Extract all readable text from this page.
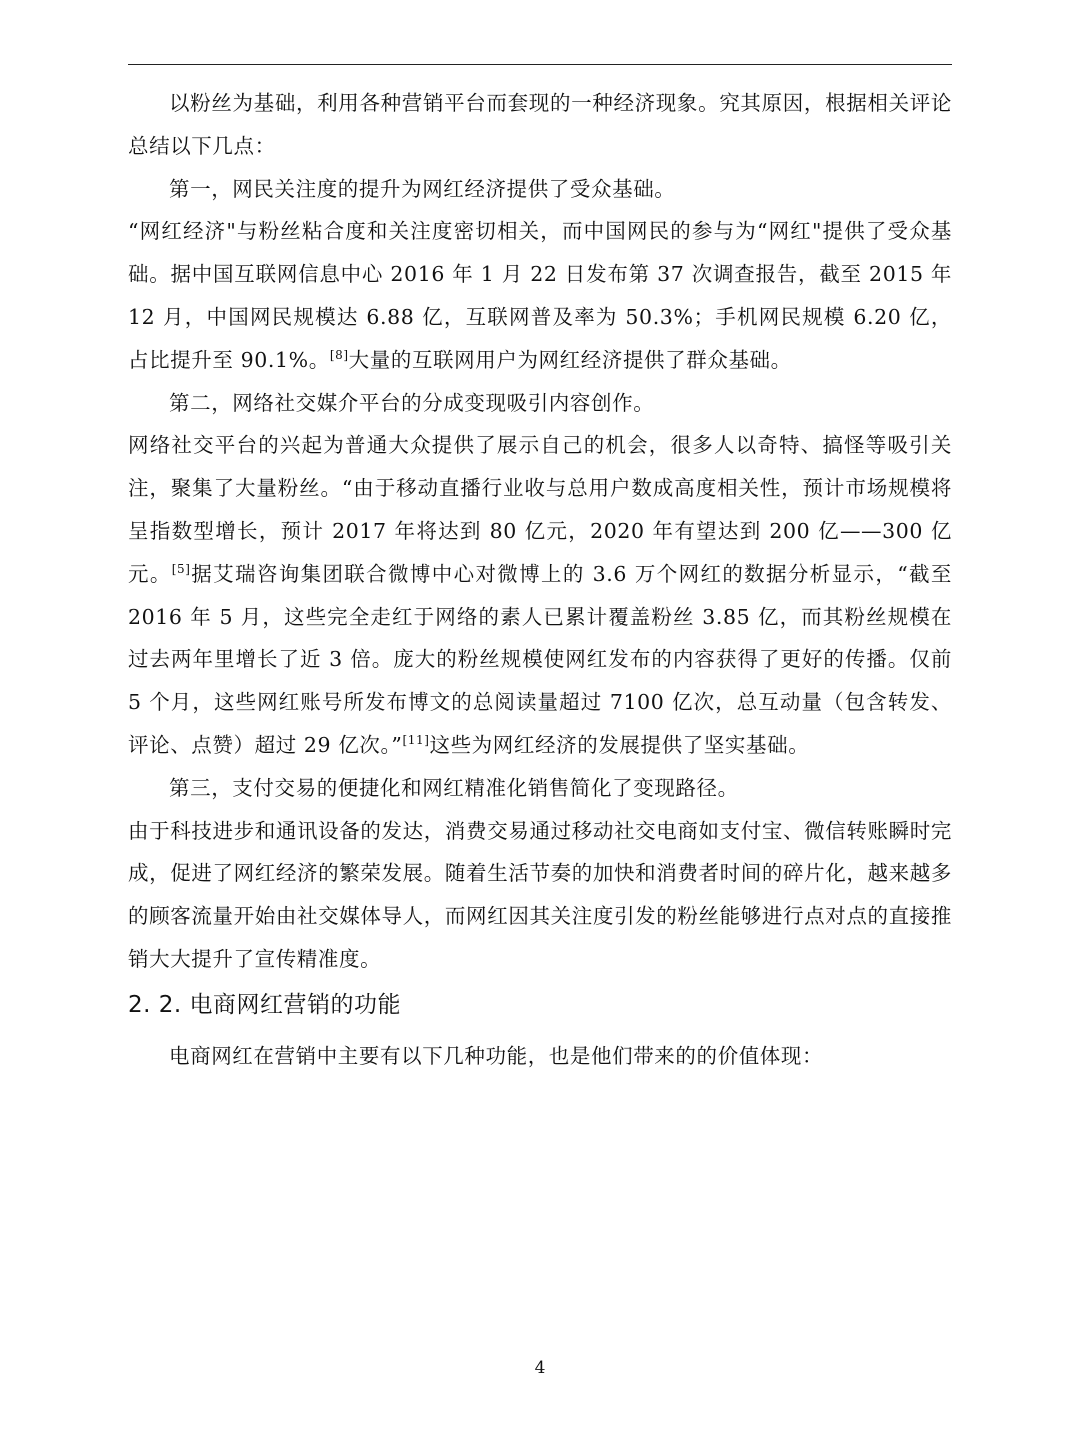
以粉丝为基础，利用各种营销平台而套现的一种经济现象。究其原因，根据相关评论总结以下几点：

第一，网民关注度的提升为网红经济提供了受众基础。

“网红经济"与粉丝粘合度和关注度密切相关，而中国网民的参与为“网红"提供了受众基础。据中国互联网信息中心 2016 年 1 月 22 日发布第 37 次调查报告，截至 2015 年 12 月，中国网民规模达 6.88 亿，互联网普及率为 50.3%；手机网民规模 6.20 亿，占比提升至 90.1%。[8]大量的互联网用户为网红经济提供了群众基础。

第二，网络社交媒介平台的分成变现吸引内容创作。

网络社交平台的兴起为普通大众提供了展示自己的机会，很多人以奇特、搞怪等吸引关注，聚集了大量粉丝。“由于移动直播行业收与总用户数成高度相关性，预计市场规模将呈指数型增长，预计 2017 年将达到 80 亿元，2020 年有望达到 200 亿——300 亿元。[5]据艾瑞咨询集团联合微博中心对微博上的 3.6 万个网红的数据分析显示，“截至 2016 年 5 月，这些完全走红于网络的素人已累计覆盖粉丝 3.85 亿，而其粉丝规模在过去两年里增长了近 3 倍。庞大的粉丝规模使网红发布的内容获得了更好的传播。仅前 5 个月，这些网红账号所发布博文的总阅读量超过 7100 亿次，总互动量（包含转发、评论、点赞）超过 29 亿次。”[11]这些为网红经济的发展提供了坚实基础。

第三，支付交易的便捷化和网红精准化销售简化了变现路径。

由于科技进步和通讯设备的发达，消费交易通过移动社交电商如支付宝、微信转账瞬时完成，促进了网红经济的繁荣发展。随着生活节奏的加快和消费者时间的碎片化，越来越多的顾客流量开始由社交媒体导人，而网红因其关注度引发的粉丝能够进行点对点的直接推销大大提升了宣传精准度。

2. 2. 电商网红营销的功能

电商网红在营销中主要有以下几种功能，也是他们带来的的价值体现：

4
